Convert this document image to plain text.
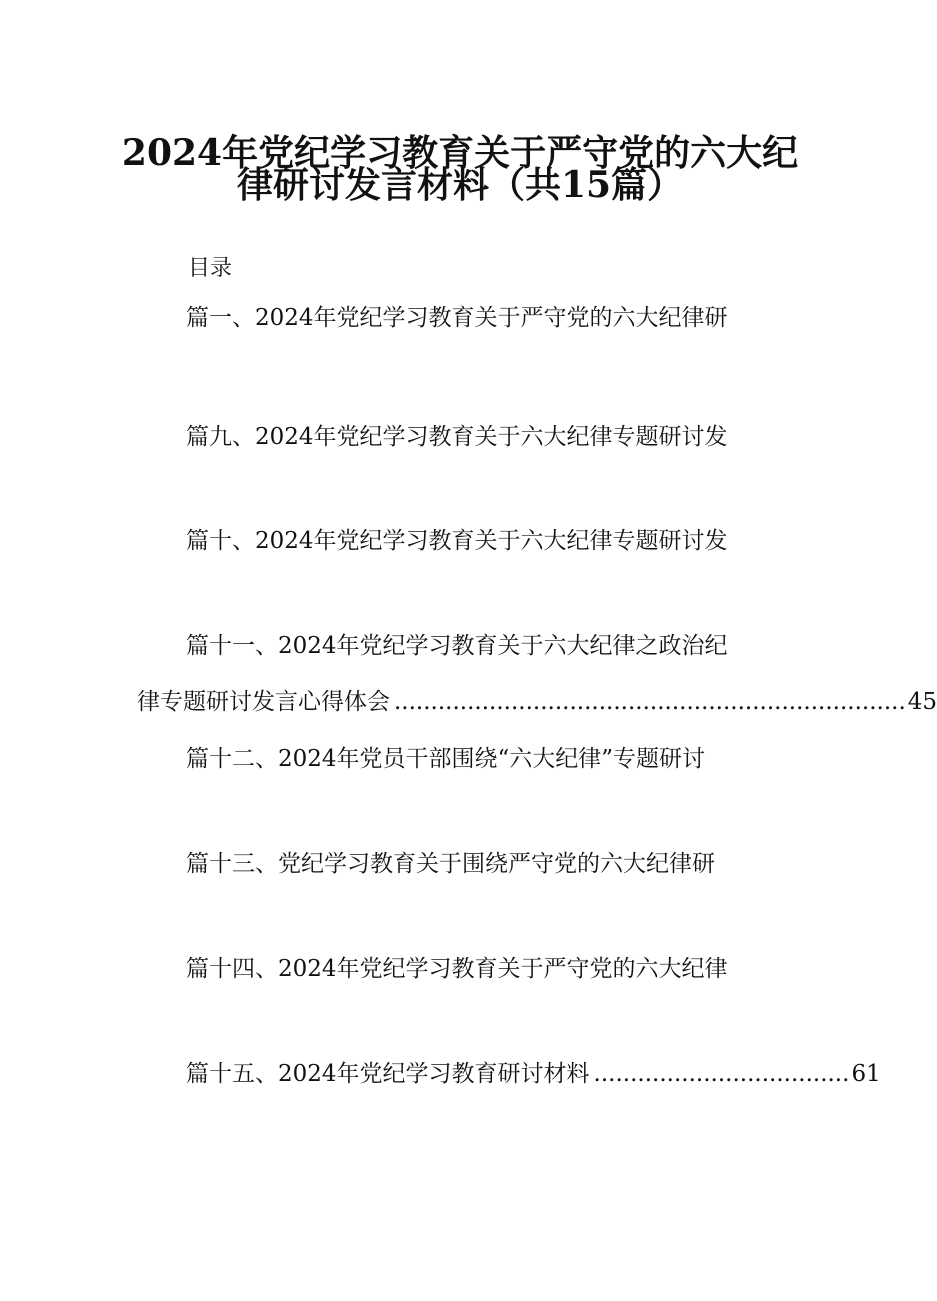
2024年党纪学习教育关于严守党的六大纪
律研讨发言材料（共15篇）
目录
篇一、2024年党纪学习教育关于严守党的六大纪律研
篇九、2024年党纪学习教育关于六大纪律专题研讨发
篇十、2024年党纪学习教育关于六大纪律专题研讨发
篇十一、2024年党纪学习教育关于六大纪律之政治纪
律专题研讨发言心得体会 ...................................................................... 45
篇十二、2024年党员干部围绕“六大纪律”专题研讨
篇十三、党纪学习教育关于围绕严守党的六大纪律研
篇十四、2024年党纪学习教育关于严守党的六大纪律
篇十五、2024年党纪学习教育研讨材料 ................................... 61
